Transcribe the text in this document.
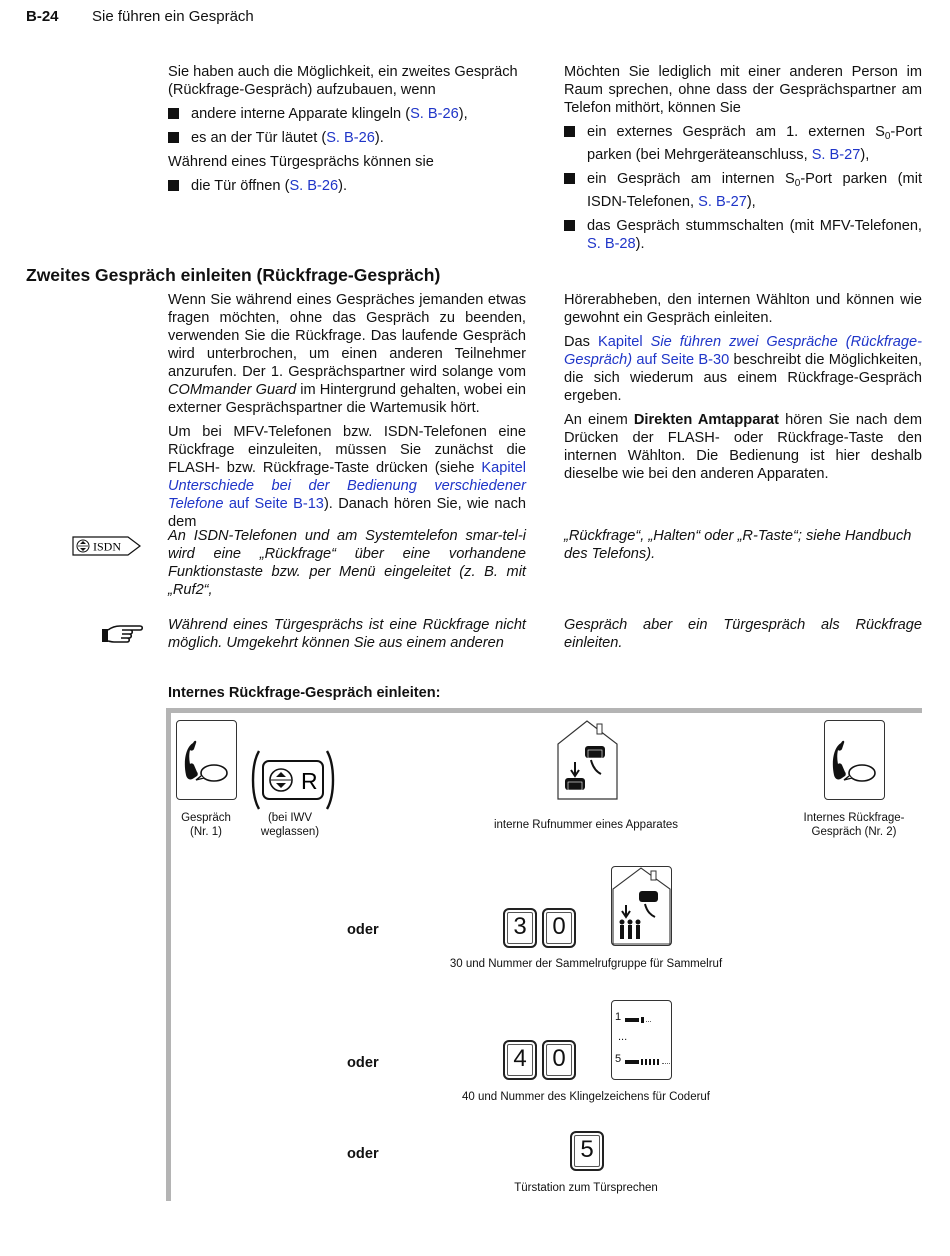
B-24 Sie führen ein Gespräch

Sie haben auch die Möglichkeit, ein zweites Gespräch (Rückfrage-Gespräch) aufzubauen, wenn

andere interne Apparate klingeln (S. B-26),
es an der Tür läutet (S. B-26).

Während eines Türgesprächs können sie

die Tür öffnen (S. B-26).

Möchten Sie lediglich mit einer anderen Person im Raum sprechen, ohne dass der Gesprächspartner am Telefon mithört, können Sie

ein externes Gespräch am 1. externen $S_0$-Port parken (bei Mehrgeräteanschluss, S. B-27),
ein Gespräch am internen $S_0$-Port parken (mit ISDN-Telefonen, S. B-27),
das Gespräch stummschalten (mit MFV-Telefonen, S. B-28).
Zweites Gespräch einleiten (Rückfrage-Gespräch)

Wenn Sie während eines Gespräches jemanden etwas fragen möchten, ohne das Gespräch zu beenden, verwenden Sie die Rückfrage. Das laufende Gespräch wird unterbrochen, um einen anderen Teilnehmer anzurufen. Der 1. Gesprächspartner wird solange vom COMmander Guard im Hintergrund gehalten, wobei ein externer Gesprächspartner die Wartemusik hört.

Um bei MFV-Telefonen bzw. ISDN-Telefonen eine Rückfrage einzuleiten, müssen Sie zunächst die FLASH- bzw. Rückfrage-Taste drücken (siehe Kapitel Unterschiede bei der Bedienung verschiedener Telefone auf Seite B-13). Danach hören Sie, wie nach dem

Hörerabheben, den internen Wählton und können wie gewohnt ein Gespräch einleiten.

Das Kapitel Sie führen zwei Gespräche (Rückfrage-Gespräch) auf Seite B-30 beschreibt die Möglichkeiten, die sich wiederum aus einem Rückfrage-Gespräch ergeben.

An einem Direkten Amtapparat hören Sie nach dem Drücken der FLASH- oder Rückfrage-Taste den internen Wählton. Die Bedienung ist hier deshalb dieselbe wie bei den anderen Apparaten.

ISDN
An ISDN-Telefonen und am Systemtelefon smar-tel-i wird eine „Rückfrage“ über eine vorhandene Funktionstaste bzw. per Menü eingeleitet (z. B. mit „Ruf2“,
„Rückfrage“, „Halten“ oder „R-Taste“; siehe Handbuch des Telefons).
Während eines Türgesprächs ist eine Rückfrage nicht möglich. Umgekehrt können Sie aus einem anderen
Gespräch aber ein Türgespräch als Rückfrage einleiten.
Internes Rückfrage-Gespräch einleiten:
Gespräch
(Nr. 1)
R
(bei IWV
weglassen)
interne Rufnummer eines Apparates
Internes Rückfrage-
Gespräch (Nr. 2)
oder	3	0
30 und Nummer der Sammelrufgruppe für Sammelruf
oder	4	0
1
...
5
40 und Nummer des Klingelzeichens für Coderuf
oder	5
Türstation zum Türsprechen
